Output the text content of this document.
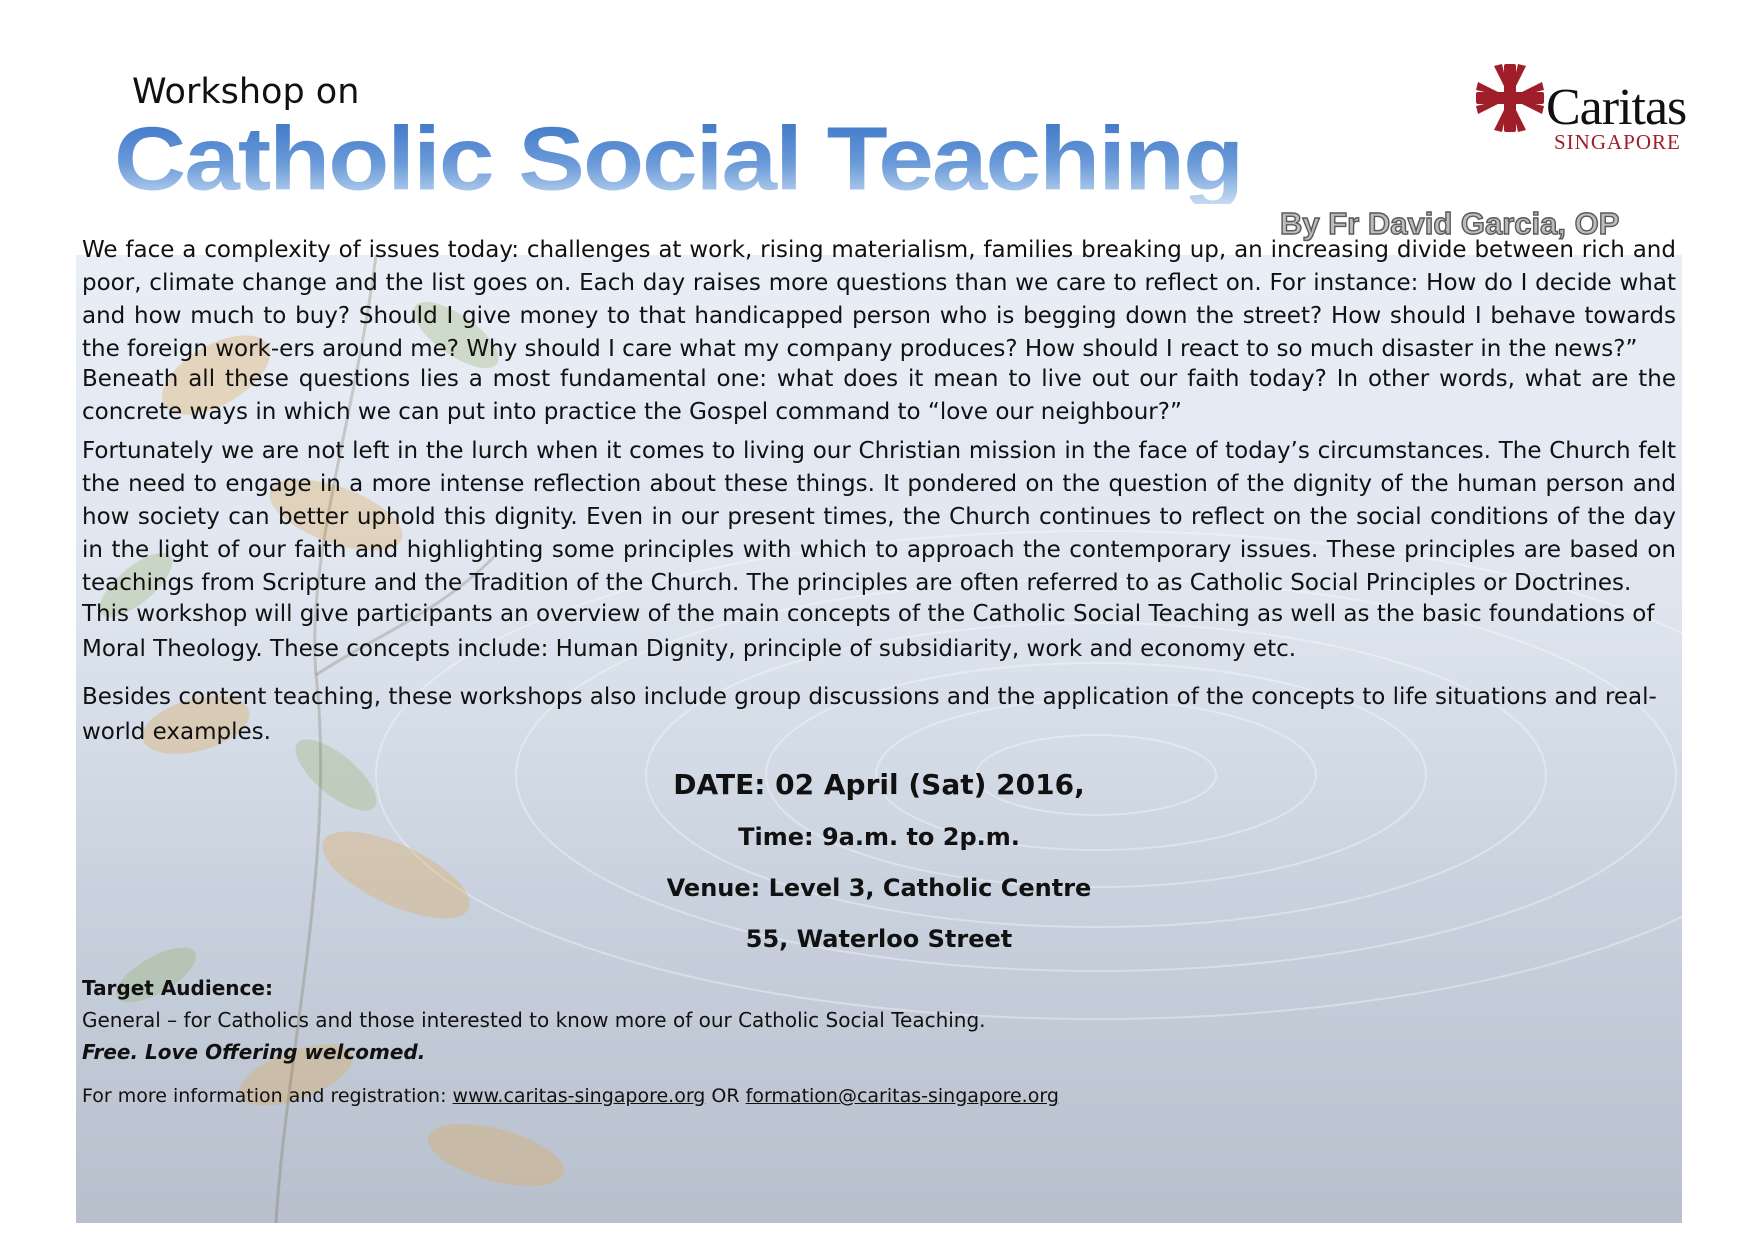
Workshop on
Catholic Social Teaching
By Fr David Garcia, OP
Caritas
SINGAPORE

We face a complexity of issues today: challenges at work, rising materialism, families breaking up, an increasing divide between rich and poor, climate change and the list goes on. Each day raises more questions than we care to reflect on. For instance: How do I decide what and how much to buy? Should I give money to that handicapped person who is begging down the street? How should I behave towards the foreign work-ers around me? Why should I care what my company produces? How should I react to so much disaster in the news?”

Beneath all these questions lies a most fundamental one: what does it mean to live out our faith today? In other words, what are the concrete ways in which we can put into practice the Gospel command to “love our neighbour?”

Fortunately we are not left in the lurch when it comes to living our Christian mission in the face of today’s circumstances. The Church felt the need to engage in a more intense reflection about these things. It pondered on the question of the dignity of the human person and how society can better uphold this dignity. Even in our present times, the Church continues to reflect on the social conditions of the day in the light of our faith and highlighting some principles with which to approach the contemporary issues. These principles are based on teachings from Scripture and the Tradition of the Church. The principles are often referred to as Catholic Social Principles or Doctrines.

This workshop will give participants an overview of the main concepts of the Catholic Social Teaching as well as the basic foundations of Moral Theology. These concepts include: Human Dignity, principle of subsidiarity, work and economy etc.

Besides content teaching, these workshops also include group discussions and the application of the concepts to life situations and real-world examples.

DATE: 02 April (Sat) 2016,
Time: 9a.m. to 2p.m.
Venue: Level 3, Catholic Centre
55, Waterloo Street
Target Audience:
General – for Catholics and those interested to know more of our Catholic Social Teaching.
Free. Love Offering welcomed.
For more information and registration: www.caritas-singapore.org OR formation@caritas-singapore.org
